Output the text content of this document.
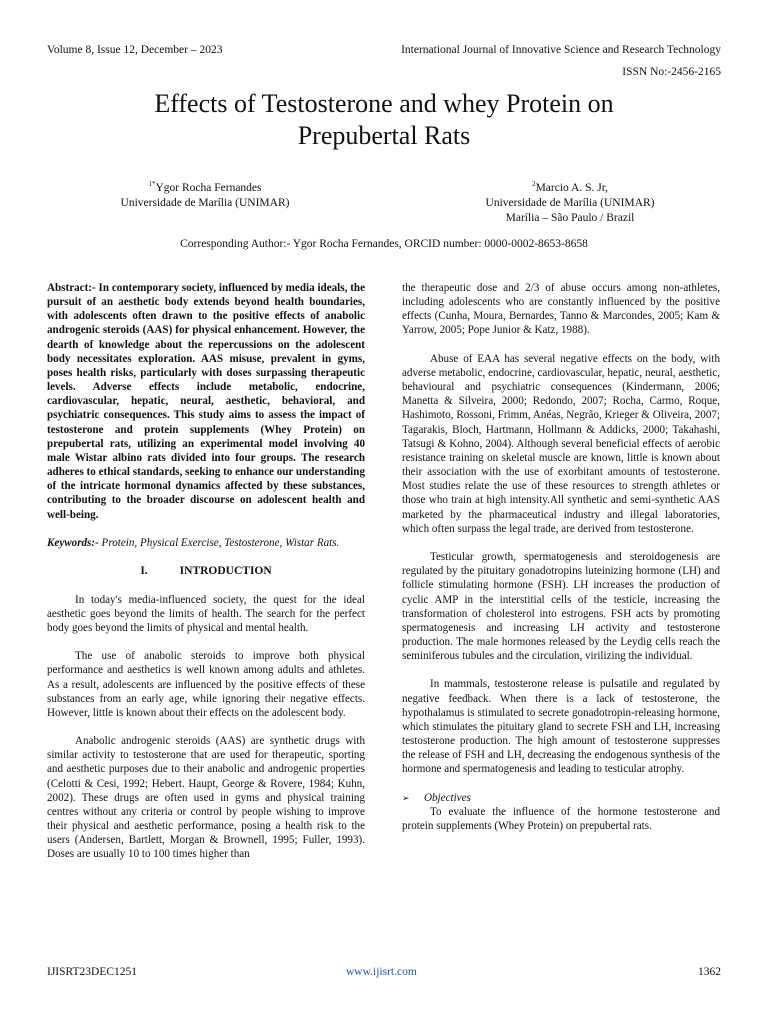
Volume 8, Issue 12, December – 2023	International Journal of Innovative Science and Research Technology
ISSN No:-2456-2165
Effects of Testosterone and whey Protein on
Prepubertal Rats
$^{1*}$Ygor Rocha Fernandes
Universidade de Marília (UNIMAR)
$^2$Marcio A. S. Jr,
Universidade de Marília (UNIMAR)
Marília – São Paulo / Brazil
Corresponding Author:- Ygor Rocha Fernandes, ORCID number: 0000-0002-8653-8658

Abstract:- In contemporary society, influenced by media ideals, the pursuit of an aesthetic body extends beyond health boundaries, with adolescents often drawn to the positive effects of anabolic androgenic steroids (AAS) for physical enhancement. However, the dearth of knowledge about the repercussions on the adolescent body necessitates exploration. AAS misuse, prevalent in gyms, poses health risks, particularly with doses surpassing therapeutic levels. Adverse effects include metabolic, endocrine, cardiovascular, hepatic, neural, aesthetic, behavioral, and psychiatric consequences. This study aims to assess the impact of testosterone and protein supplements (Whey Protein) on prepubertal rats, utilizing an experimental model involving 40 male Wistar albino rats divided into four groups. The research adheres to ethical standards, seeking to enhance our understanding of the intricate hormonal dynamics affected by these substances, contributing to the broader discourse on adolescent health and well-being.

Keywords:- Protein, Physical Exercise, Testosterone, Wistar Rats.

I.	INTRODUCTION

In today's media-influenced society, the quest for the ideal aesthetic goes beyond the limits of health. The search for the perfect body goes beyond the limits of physical and mental health.

The use of anabolic steroids to improve both physical performance and aesthetics is well known among adults and athletes. As a result, adolescents are influenced by the positive effects of these substances from an early age, while ignoring their negative effects. However, little is known about their effects on the adolescent body.

Anabolic androgenic steroids (AAS) are synthetic drugs with similar activity to testosterone that are used for therapeutic, sporting and aesthetic purposes due to their anabolic and androgenic properties (Celotti & Cesi, 1992; Hebert. Haupt, George & Rovere, 1984; Kuhn, 2002). These drugs are often used in gyms and physical training centres without any criteria or control by people wishing to improve their physical and aesthetic performance, posing a health risk to the users (Andersen, Bartlett, Morgan & Brownell, 1995; Fuller, 1993). Doses are usually 10 to 100 times higher than

the therapeutic dose and 2/3 of abuse occurs among non-athletes, including adolescents who are constantly influenced by the positive effects (Cunha, Moura, Bernardes, Tanno & Marcondes, 2005; Kam & Yarrow, 2005; Pope Junior & Katz, 1988).

Abuse of EAA has several negative effects on the body, with adverse metabolic, endocrine, cardiovascular, hepatic, neural, aesthetic, behavioural and psychiatric consequences (Kindermann, 2006; Manetta & Silveira, 2000; Redondo, 2007; Rocha, Carmo, Roque, Hashimoto, Rossoni, Frimm, Anéas, Negrão, Krieger & Oliveira, 2007; Tagarakis, Bloch, Hartmann, Hollmann & Addicks, 2000; Takahashi, Tatsugi & Kohno, 2004). Although several beneficial effects of aerobic resistance training on skeletal muscle are known, little is known about their association with the use of exorbitant amounts of testosterone. Most studies relate the use of these resources to strength athletes or those who train at high intensity.All synthetic and semi-synthetic AAS marketed by the pharmaceutical industry and illegal laboratories, which often surpass the legal trade, are derived from testosterone.

Testicular growth, spermatogenesis and steroidogenesis are regulated by the pituitary gonadotropins luteinizing hormone (LH) and follicle stimulating hormone (FSH). LH increases the production of cyclic AMP in the interstitial cells of the testicle, increasing the transformation of cholesterol into estrogens. FSH acts by promoting spermatogenesis and increasing LH activity and testosterone production. The male hormones released by the Leydig cells reach the seminiferous tubules and the circulation, virilizing the individual.

In mammals, testosterone release is pulsatile and regulated by negative feedback. When there is a lack of testosterone, the hypothalamus is stimulated to secrete gonadotropin-releasing hormone, which stimulates the pituitary gland to secrete FSH and LH, increasing testosterone production. The high amount of testosterone suppresses the release of FSH and LH, decreasing the endogenous synthesis of the hormone and spermatogenesis and leading to testicular atrophy.

➢ Objectives

To evaluate the influence of the hormone testosterone and protein supplements (Whey Protein) on prepubertal rats.

IJISRT23DEC1251	www.ijisrt.com	1362
